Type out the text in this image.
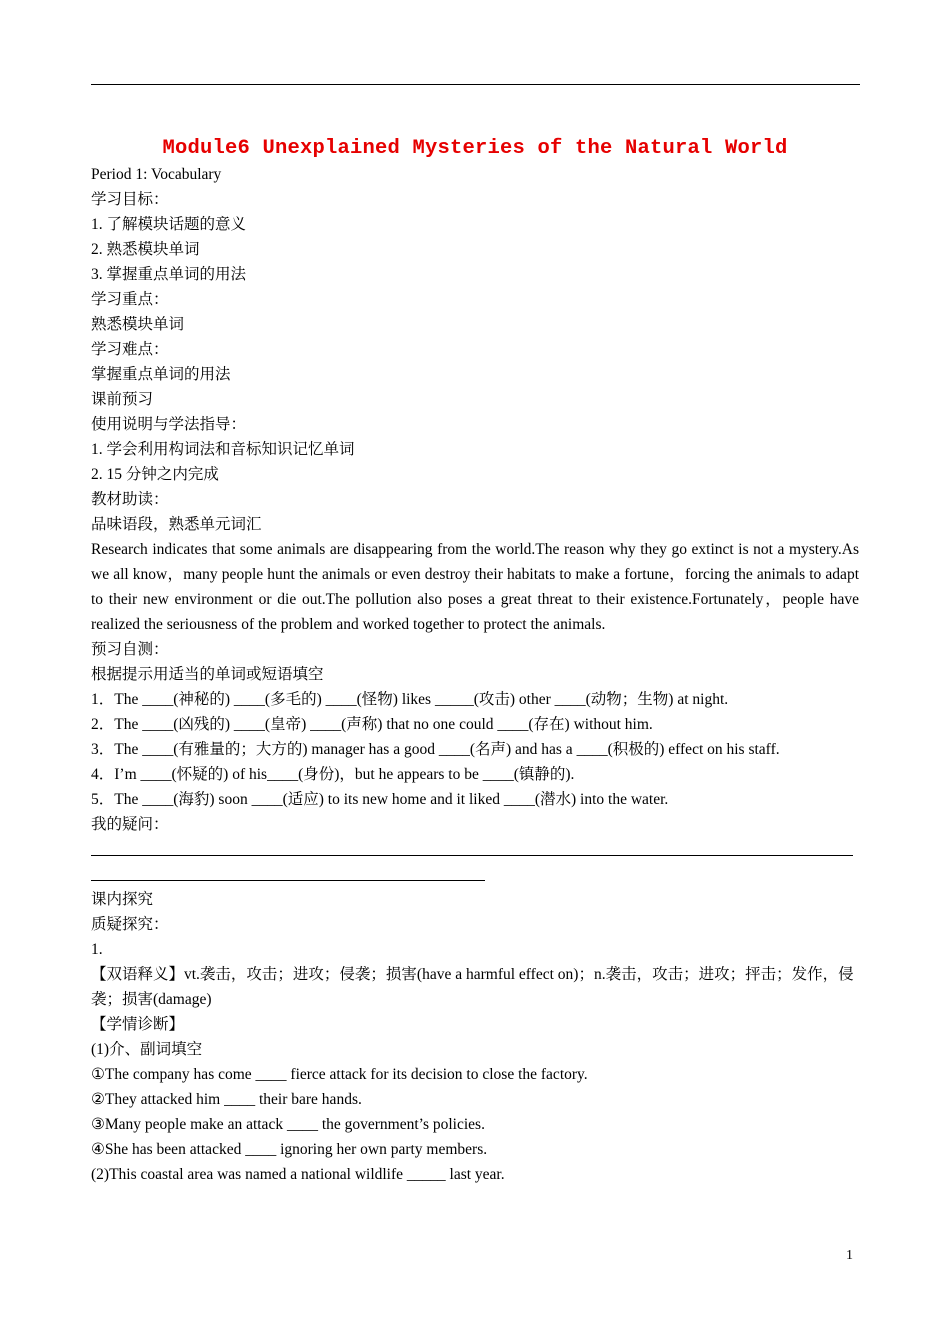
Module6 Unexplained Mysteries of the Natural World
Period 1: Vocabulary
学习目标：
1. 了解模块话题的意义
2. 熟悉模块单词
3. 掌握重点单词的用法
学习重点：
熟悉模块单词
学习难点：
掌握重点单词的用法
课前预习
使用说明与学法指导：
1. 学会利用构词法和音标知识记忆单词
2. 15 分钟之内完成
教材助读：
品味语段，熟悉单元词汇

Research indicates that some animals are disappearing from the world.The reason why they go extinct is not a mystery.As we all know，many people hunt the animals or even destroy their habitats to make a fortune，forcing the animals to adapt to their new environment or die out.The pollution also poses a great threat to their existence.Fortunately，people have realized the seriousness of the problem and worked together to protect the animals.

预习自测：
根据提示用适当的单词或短语填空
1．The ____(神秘的) ____(多毛的) ____(怪物) likes _____(攻击) other ____(动物；生物) at night.
2．The ____(凶残的) ____(皇帝) ____(声称) that no one could ____(存在) without him.
3．The ____(有雅量的；大方的) manager has a good ____(名声) and has a ____(积极的) effect on his staff.
4．I’m ____(怀疑的) of his____(身份)，but he appears to be ____(镇静的).
5．The ____(海豹) soon ____(适应) to its new home and it liked ____(潜水) into the water.
我的疑问：
课内探究
质疑探究：
1.

【双语释义】vt.袭击，攻击；进攻；侵袭；损害(have a harmful effect on)；n.袭击，攻击；进攻；抨击；发作，侵袭；损害(damage)

【学情诊断】
(1)介、副词填空
①The company has come ____ fierce attack for its decision to close the factory.
②They attacked him ____ their bare hands.
③Many people make an attack ____ the government’s policies.
④She has been attacked ____ ignoring her own party members.
(2)This coastal area was named a national wildlife _____ last year.
1
